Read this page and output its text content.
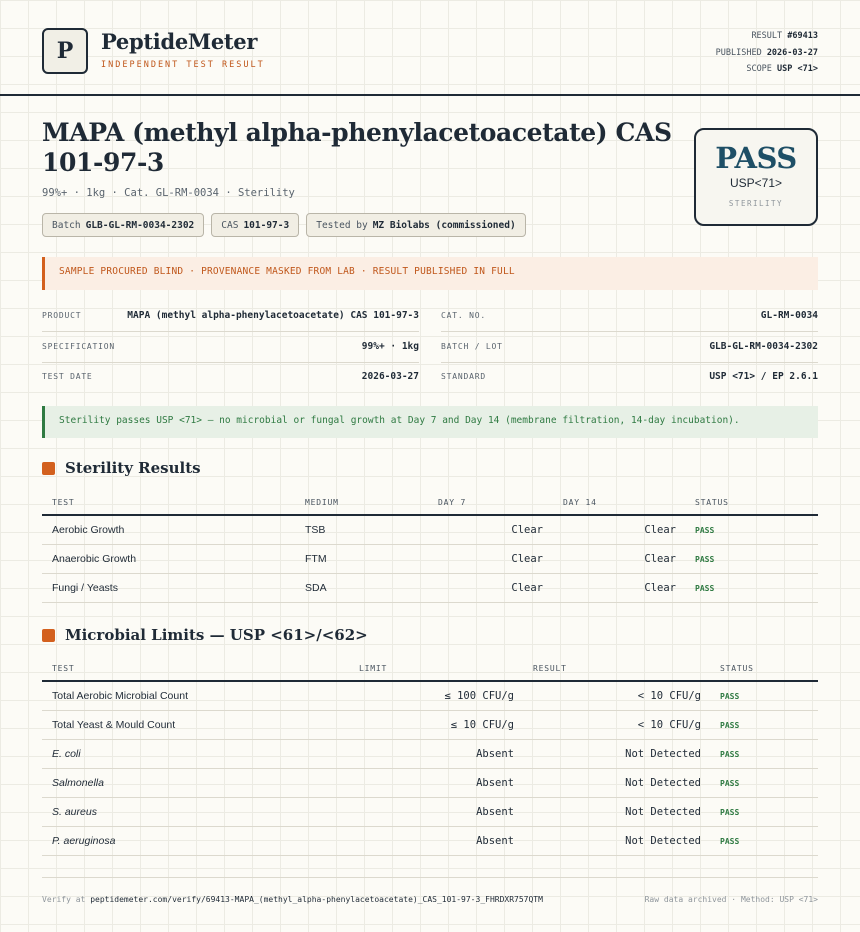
P	PeptideMeter
INDEPENDENT TEST RESULT
RESULT #69413
PUBLISHED 2026-03-27
SCOPE USP <71>
MAPA (methyl alpha-phenylacetoacetate) CAS 101-97-3
99%+ · 1kg · Cat. GL-RM-0034 · Sterility
Batch GLB-GL-RM-0034-2302	CAS 101-97-3	Tested by MZ Biolabs (commissioned)
PASS
USP<71>
STERILITY
SAMPLE PROCURED BLIND · PROVENANCE MASKED FROM LAB · RESULT PUBLISHED IN FULL
PRODUCT	MAPA (methyl alpha-phenylacetoacetate) CAS 101-97-3
SPECIFICATION	99%+ · 1kg
TEST DATE	2026-03-27
CAT. NO.	GL-RM-0034
BATCH / LOT	GLB-GL-RM-0034-2302
STANDARD	USP <71> / EP 2.6.1
Sterility passes USP <71> — no microbial or fungal growth at Day 7 and Day 14 (membrane filtration, 14-day incubation).
Sterility Results
TEST	MEDIUM	DAY 7	DAY 14	STATUS
Aerobic Growth	TSB	Clear	Clear PASS
Anaerobic Growth	FTM	Clear	Clear PASS
Fungi / Yeasts	SDA	Clear	Clear PASS
Microbial Limits — USP <61>/<62>
TEST	LIMIT	RESULT	STATUS
Total Aerobic Microbial Count	≤ 100 CFU/g	< 10 CFU/g PASS
Total Yeast & Mould Count	≤ 10 CFU/g	< 10 CFU/g PASS
E. coli	Absent	Not Detected PASS
Salmonella	Absent	Not Detected PASS
S. aureus	Absent	Not Detected PASS
P. aeruginosa	Absent	Not Detected PASS
Verify at peptidemeter.com/verify/69413-MAPA_(methyl_alpha-phenylacetoacetate)_CAS_101-97-3_FHRDXR757QTM	Raw data archived · Method: USP <71>
